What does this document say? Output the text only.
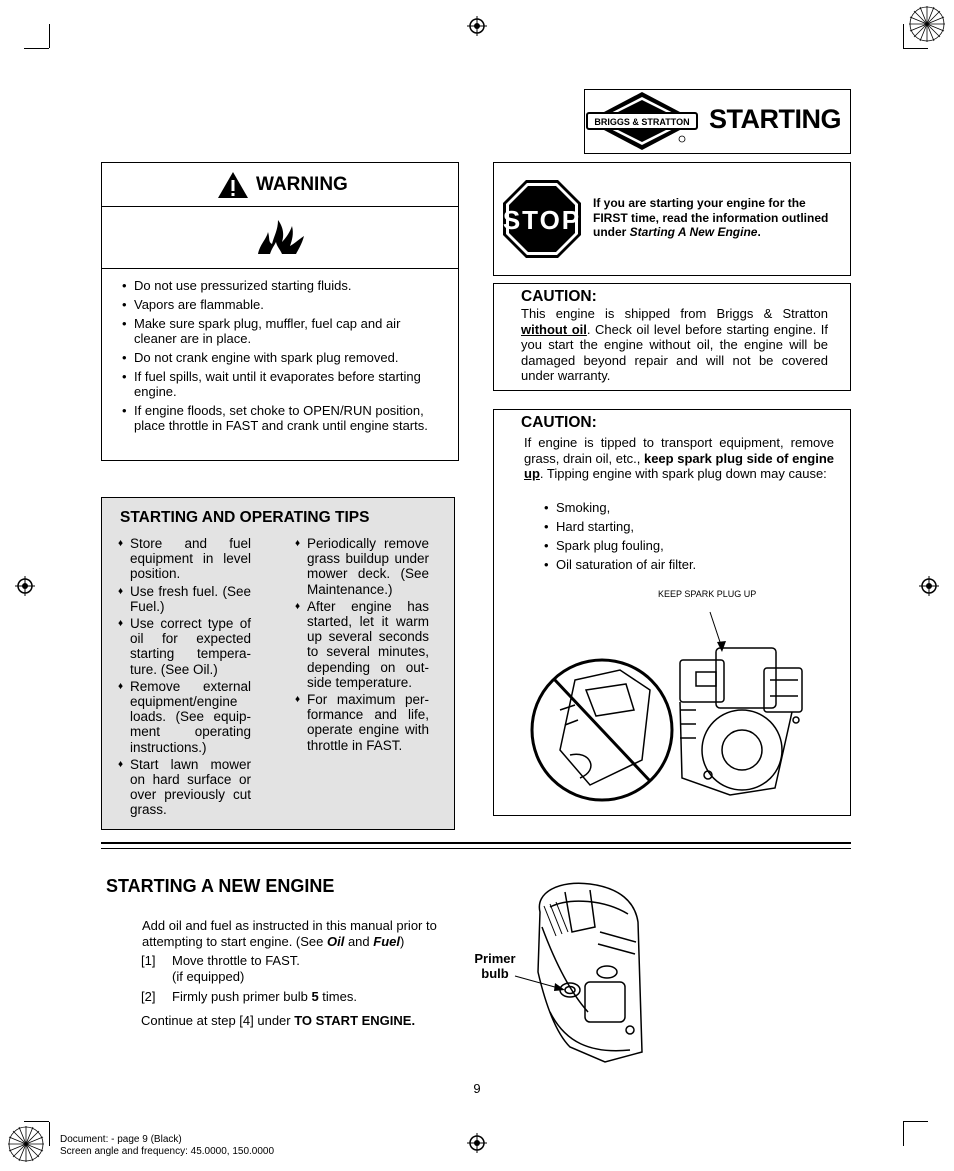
BRIGGS & STRATTON STARTING
WARNING
• Do not use pressurized starting fluids.
• Vapors are flammable.
• Make sure spark plug, muffler, fuel cap and air cleaner are in place.
• Do not crank engine with spark plug removed.
• If fuel spills, wait until it evaporates before starting engine.
• If engine floods, set choke to OPEN/RUN position, place throttle in FAST and crank until engine starts.
STOP
If you are starting your engine for the FIRST time, read the information outlined under Starting A New Engine.
CAUTION:
This engine is shipped from Briggs & Stratton without oil. Check oil level before starting engine. If you start the engine without oil, the engine will be damaged beyond repair and will not be covered under warranty.
CAUTION:
If engine is tipped to transport equipment, remove grass, drain oil, etc., keep spark plug side of engine up. Tipping engine with spark plug down may cause:
• Smoking,
• Hard starting,
• Spark plug fouling,
• Oil saturation of air filter.
KEEP SPARK PLUG UP
STARTING AND OPERATING TIPS
♦ Store and fuel equipment in level position.
♦ Use fresh fuel. (See Fuel.)
♦ Use correct type of oil for expected starting tempera-ture. (See Oil.)
♦ Remove external equipment/engine loads. (See equip-ment operating instructions.)
♦ Start lawn mower on hard surface or over previously cut grass.
♦ Periodically remove grass buildup under mower deck. (See Maintenance.)
♦ After engine has started, let it warm up several seconds to several minutes, depending on out-side temperature.
♦ For maximum per-formance and life, operate engine with throttle in FAST.
STARTING A NEW ENGINE
Add oil and fuel as instructed in this manual prior to attempting to start engine. (See Oil and Fuel)
[1] Move throttle to FAST.
(if equipped)
[2] Firmly push primer bulb 5 times.
Continue at step [4] under TO START ENGINE.
Primer
bulb
9
Document: - page 9 (Black)
Screen angle and frequency: 45.0000, 150.0000
